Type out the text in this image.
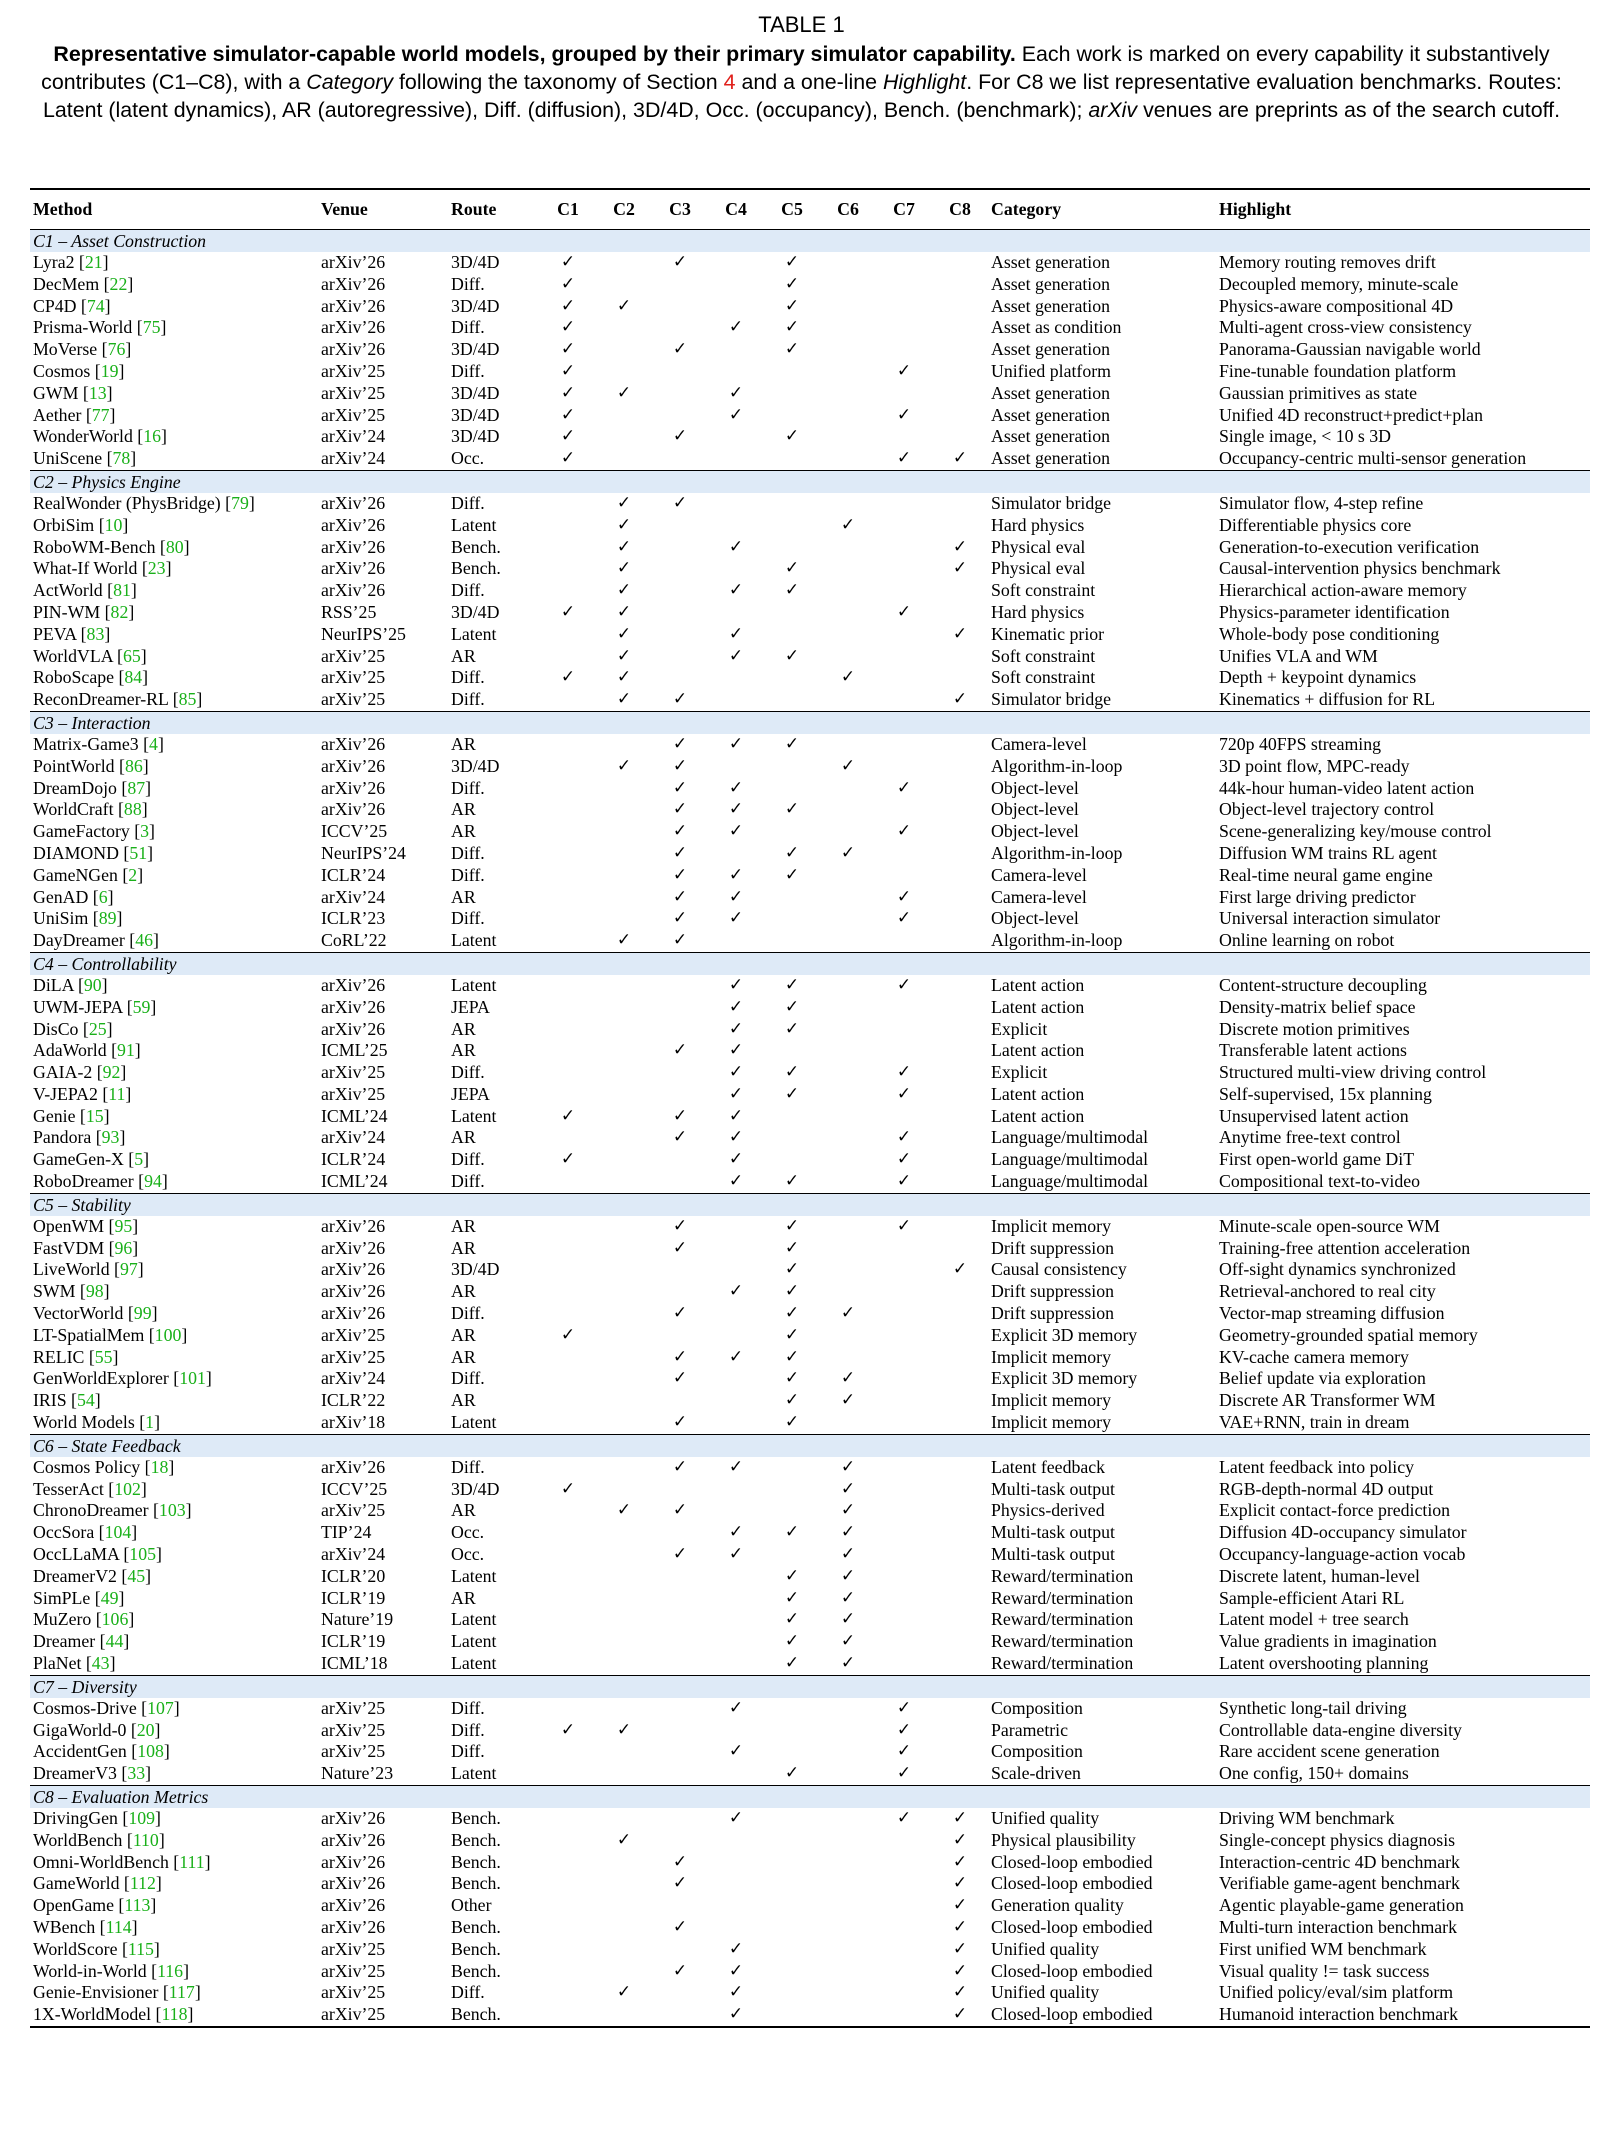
TABLE 1
Representative simulator-capable world models, grouped by their primary simulator capability. Each work is marked on every capability it substantively contributes (C1–C8), with a Category following the taxonomy of Section 4 and a one-line Highlight. For C8 we list representative evaluation benchmarks. Routes: Latent (latent dynamics), AR (autoregressive), Diff. (diffusion), 3D/4D, Occ. (occupancy), Bench. (benchmark); arXiv venues are preprints as of the search cutoff.
Method	Venue	Route	C1	C2	C3	C4	C5	C6	C7	C8	Category	Highlight
C1 – Asset Construction												
Lyra2 [21]	arXiv’26	3D/4D	✓		✓		✓				Asset generation	Memory routing removes drift
DecMem [22]	arXiv’26	Diff.	✓				✓				Asset generation	Decoupled memory, minute-scale
CP4D [74]	arXiv’26	3D/4D	✓	✓			✓				Asset generation	Physics-aware compositional 4D
Prisma-World [75]	arXiv’26	Diff.	✓			✓	✓				Asset as condition	Multi-agent cross-view consistency
MoVerse [76]	arXiv’26	3D/4D	✓		✓		✓				Asset generation	Panorama-Gaussian navigable world
Cosmos [19]	arXiv’25	Diff.	✓						✓		Unified platform	Fine-tunable foundation platform
GWM [13]	arXiv’25	3D/4D	✓	✓		✓					Asset generation	Gaussian primitives as state
Aether [77]	arXiv’25	3D/4D	✓			✓			✓		Asset generation	Unified 4D reconstruct+predict+plan
WonderWorld [16]	arXiv’24	3D/4D	✓		✓		✓				Asset generation	Single image, < 10 s 3D
UniScene [78]	arXiv’24	Occ.	✓						✓	✓	Asset generation	Occupancy-centric multi-sensor generation
C2 – Physics Engine												
RealWonder (PhysBridge) [79]	arXiv’26	Diff.		✓	✓						Simulator bridge	Simulator flow, 4-step refine
OrbiSim [10]	arXiv’26	Latent		✓				✓			Hard physics	Differentiable physics core
RoboWM-Bench [80]	arXiv’26	Bench.		✓		✓				✓	Physical eval	Generation-to-execution verification
What-If World [23]	arXiv’26	Bench.		✓			✓			✓	Physical eval	Causal-intervention physics benchmark
ActWorld [81]	arXiv’26	Diff.		✓		✓	✓				Soft constraint	Hierarchical action-aware memory
PIN-WM [82]	RSS’25	3D/4D	✓	✓					✓		Hard physics	Physics-parameter identification
PEVA [83]	NeurIPS’25	Latent		✓		✓				✓	Kinematic prior	Whole-body pose conditioning
WorldVLA [65]	arXiv’25	AR		✓		✓	✓				Soft constraint	Unifies VLA and WM
RoboScape [84]	arXiv’25	Diff.	✓	✓				✓			Soft constraint	Depth + keypoint dynamics
ReconDreamer-RL [85]	arXiv’25	Diff.		✓	✓					✓	Simulator bridge	Kinematics + diffusion for RL
C3 – Interaction												
Matrix-Game3 [4]	arXiv’26	AR			✓	✓	✓				Camera-level	720p 40FPS streaming
PointWorld [86]	arXiv’26	3D/4D		✓	✓			✓			Algorithm-in-loop	3D point flow, MPC-ready
DreamDojo [87]	arXiv’26	Diff.			✓	✓			✓		Object-level	44k-hour human-video latent action
WorldCraft [88]	arXiv’26	AR			✓	✓	✓				Object-level	Object-level trajectory control
GameFactory [3]	ICCV’25	AR			✓	✓			✓		Object-level	Scene-generalizing key/mouse control
DIAMOND [51]	NeurIPS’24	Diff.			✓		✓	✓			Algorithm-in-loop	Diffusion WM trains RL agent
GameNGen [2]	ICLR’24	Diff.			✓	✓	✓				Camera-level	Real-time neural game engine
GenAD [6]	arXiv’24	AR			✓	✓			✓		Camera-level	First large driving predictor
UniSim [89]	ICLR’23	Diff.			✓	✓			✓		Object-level	Universal interaction simulator
DayDreamer [46]	CoRL’22	Latent		✓	✓						Algorithm-in-loop	Online learning on robot
C4 – Controllability												
DiLA [90]	arXiv’26	Latent				✓	✓		✓		Latent action	Content-structure decoupling
UWM-JEPA [59]	arXiv’26	JEPA				✓	✓				Latent action	Density-matrix belief space
DisCo [25]	arXiv’26	AR				✓	✓				Explicit	Discrete motion primitives
AdaWorld [91]	ICML’25	AR			✓	✓					Latent action	Transferable latent actions
GAIA-2 [92]	arXiv’25	Diff.				✓	✓		✓		Explicit	Structured multi-view driving control
V-JEPA2 [11]	arXiv’25	JEPA				✓	✓		✓		Latent action	Self-supervised, 15x planning
Genie [15]	ICML’24	Latent	✓		✓	✓					Latent action	Unsupervised latent action
Pandora [93]	arXiv’24	AR			✓	✓			✓		Language/multimodal	Anytime free-text control
GameGen-X [5]	ICLR’24	Diff.	✓			✓			✓		Language/multimodal	First open-world game DiT
RoboDreamer [94]	ICML’24	Diff.				✓	✓		✓		Language/multimodal	Compositional text-to-video
C5 – Stability												
OpenWM [95]	arXiv’26	AR			✓		✓		✓		Implicit memory	Minute-scale open-source WM
FastVDM [96]	arXiv’26	AR			✓		✓				Drift suppression	Training-free attention acceleration
LiveWorld [97]	arXiv’26	3D/4D					✓			✓	Causal consistency	Off-sight dynamics synchronized
SWM [98]	arXiv’26	AR				✓	✓				Drift suppression	Retrieval-anchored to real city
VectorWorld [99]	arXiv’26	Diff.			✓		✓	✓			Drift suppression	Vector-map streaming diffusion
LT-SpatialMem [100]	arXiv’25	AR	✓				✓				Explicit 3D memory	Geometry-grounded spatial memory
RELIC [55]	arXiv’25	AR			✓	✓	✓				Implicit memory	KV-cache camera memory
GenWorldExplorer [101]	arXiv’24	Diff.			✓		✓	✓			Explicit 3D memory	Belief update via exploration
IRIS [54]	ICLR’22	AR					✓	✓			Implicit memory	Discrete AR Transformer WM
World Models [1]	arXiv’18	Latent			✓		✓				Implicit memory	VAE+RNN, train in dream
C6 – State Feedback												
Cosmos Policy [18]	arXiv’26	Diff.			✓	✓		✓			Latent feedback	Latent feedback into policy
TesserAct [102]	ICCV’25	3D/4D	✓					✓			Multi-task output	RGB-depth-normal 4D output
ChronoDreamer [103]	arXiv’25	AR		✓	✓			✓			Physics-derived	Explicit contact-force prediction
OccSora [104]	TIP’24	Occ.				✓	✓	✓			Multi-task output	Diffusion 4D-occupancy simulator
OccLLaMA [105]	arXiv’24	Occ.			✓	✓		✓			Multi-task output	Occupancy-language-action vocab
DreamerV2 [45]	ICLR’20	Latent					✓	✓			Reward/termination	Discrete latent, human-level
SimPLe [49]	ICLR’19	AR					✓	✓			Reward/termination	Sample-efficient Atari RL
MuZero [106]	Nature’19	Latent					✓	✓			Reward/termination	Latent model + tree search
Dreamer [44]	ICLR’19	Latent					✓	✓			Reward/termination	Value gradients in imagination
PlaNet [43]	ICML’18	Latent					✓	✓			Reward/termination	Latent overshooting planning
C7 – Diversity												
Cosmos-Drive [107]	arXiv’25	Diff.				✓			✓		Composition	Synthetic long-tail driving
GigaWorld-0 [20]	arXiv’25	Diff.	✓	✓					✓		Parametric	Controllable data-engine diversity
AccidentGen [108]	arXiv’25	Diff.				✓			✓		Composition	Rare accident scene generation
DreamerV3 [33]	Nature’23	Latent					✓		✓		Scale-driven	One config, 150+ domains
C8 – Evaluation Metrics												
DrivingGen [109]	arXiv’26	Bench.				✓			✓	✓	Unified quality	Driving WM benchmark
WorldBench [110]	arXiv’26	Bench.		✓						✓	Physical plausibility	Single-concept physics diagnosis
Omni-WorldBench [111]	arXiv’26	Bench.			✓					✓	Closed-loop embodied	Interaction-centric 4D benchmark
GameWorld [112]	arXiv’26	Bench.			✓					✓	Closed-loop embodied	Verifiable game-agent benchmark
OpenGame [113]	arXiv’26	Other								✓	Generation quality	Agentic playable-game generation
WBench [114]	arXiv’26	Bench.			✓					✓	Closed-loop embodied	Multi-turn interaction benchmark
WorldScore [115]	arXiv’25	Bench.				✓				✓	Unified quality	First unified WM benchmark
World-in-World [116]	arXiv’25	Bench.			✓	✓				✓	Closed-loop embodied	Visual quality != task success
Genie-Envisioner [117]	arXiv’25	Diff.		✓		✓				✓	Unified quality	Unified policy/eval/sim platform
1X-WorldModel [118]	arXiv’25	Bench.				✓				✓	Closed-loop embodied	Humanoid interaction benchmark
